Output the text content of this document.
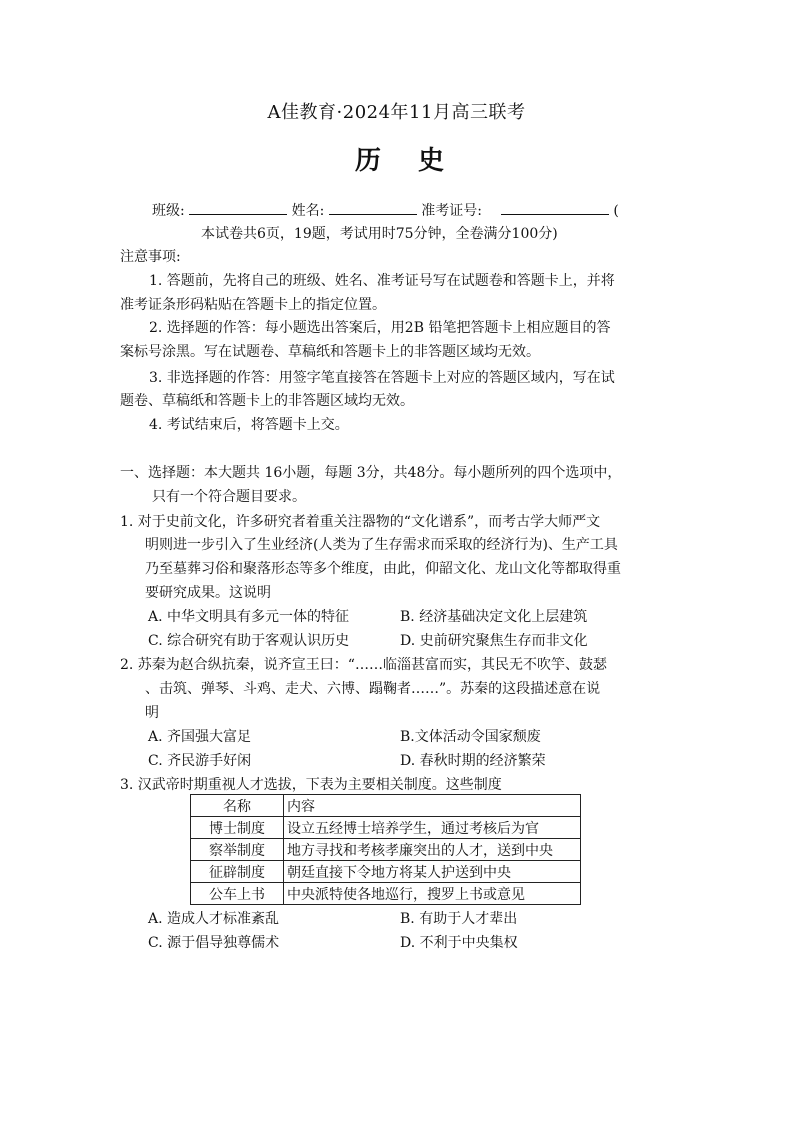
A佳教育·2024年11月高三联考
历 史
班级:	姓名:	准考证号:	(
本试卷共6页，19题，考试用时75分钟，全卷满分100分)
注意事项:
1. 答题前，先将自己的班级、姓名、准考证号写在试题卷和答题卡上，并将
准考证条形码粘贴在答题卡上的指定位置。
2. 选择题的作答：每小题选出答案后，用2B 铅笔把答题卡上相应题目的答
案标号涂黑。写在试题卷、草稿纸和答题卡上的非答题区域均无效。
3. 非选择题的作答：用签字笔直接答在答题卡上对应的答题区域内，写在试
题卷、草稿纸和答题卡上的非答题区域均无效。
4. 考试结束后，将答题卡上交。
一、选择题：本大题共 16小题，每题 3分，共48分。每小题所列的四个选项中，
只有一个符合题目要求。
1. 对于史前文化，许多研究者着重关注器物的“文化谱系”，而考古学大师严文
明则进一步引入了生业经济(人类为了生存需求而采取的经济行为)、生产工具
乃至墓葬习俗和聚落形态等多个维度，由此，仰韶文化、龙山文化等都取得重
要研究成果。这说明
A. 中华文明具有多元一体的特征	B. 经济基础决定文化上层建筑
C. 综合研究有助于客观认识历史	D. 史前研究聚焦生存而非文化
2. 苏秦为赵合纵抗秦，说齐宣王曰：“……临淄甚富而实，其民无不吹竽、鼓瑟
、击筑、弹琴、斗鸡、走犬、六博、蹋鞠者……”。苏秦的这段描述意在说
明
A. 齐国强大富足	B.文体活动令国家颓废
C. 齐民游手好闲	D. 春秋时期的经济繁荣
3. 汉武帝时期重视人才选拔，下表为主要相关制度。这些制度
名称	内容
博士制度	设立五经博士培养学生，通过考核后为官
察举制度	地方寻找和考核孝廉突出的人才，送到中央
征辟制度	朝廷直接下令地方将某人护送到中央
公车上书	中央派特使各地巡行，搜罗上书或意见
A. 造成人才标准紊乱	B. 有助于人才辈出
C. 源于倡导独尊儒术	D. 不利于中央集权
